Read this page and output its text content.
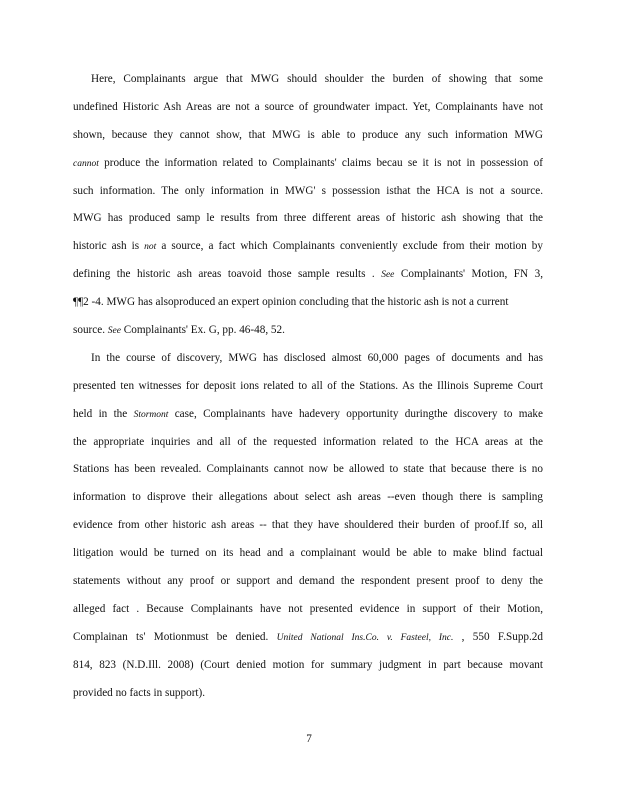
Here, Complainants argue that MWG should shoulder the burden of showing that some
undefined Historic Ash Areas are not a source of groundwater impact. Yet, Complainants have not
shown, because they cannot show, that MWG is able to produce any such information MWG
cannot produce the information related to Complainants' claims becau se it is not in possession of
such information. The only information in MWG' s possession isthat the HCA is not a source.
MWG has produced samp le results from three different areas of historic ash showing that the
historic ash is not a source, a fact which Complainants conveniently exclude from their motion by
defining the historic ash areas toavoid those sample results . See Complainants' Motion, FN 3,
¶¶2 -4. MWG has alsoproduced an expert opinion concluding that the historic ash is not a current
source. See Complainants' Ex. G, pp. 46-48, 52.
In the course of discovery, MWG has disclosed almost 60,000 pages of documents and has
presented ten witnesses for deposit ions related to all of the Stations. As the Illinois Supreme Court
held in the Stormont case, Complainants have hadevery opportunity duringthe discovery to make
the appropriate inquiries and all of the requested information related to the HCA areas at the
Stations has been revealed. Complainants cannot now be allowed to state that because there is no
information to disprove their allegations about select ash areas --even though there is sampling
evidence from other historic ash areas -- that they have shouldered their burden of proof.If so, all
litigation would be turned on its head and a complainant would be able to make blind factual
statements without any proof or support and demand the respondent present proof to deny the
alleged fact . Because Complainants have not presented evidence in support of their Motion,
Complainan ts' Motionmust be denied. United National Ins.Co. v. Fasteel, Inc. , 550 F.Supp.2d
814, 823 (N.D.Ill. 2008) (Court denied motion for summary judgment in part because movant
provided no facts in support).
7
